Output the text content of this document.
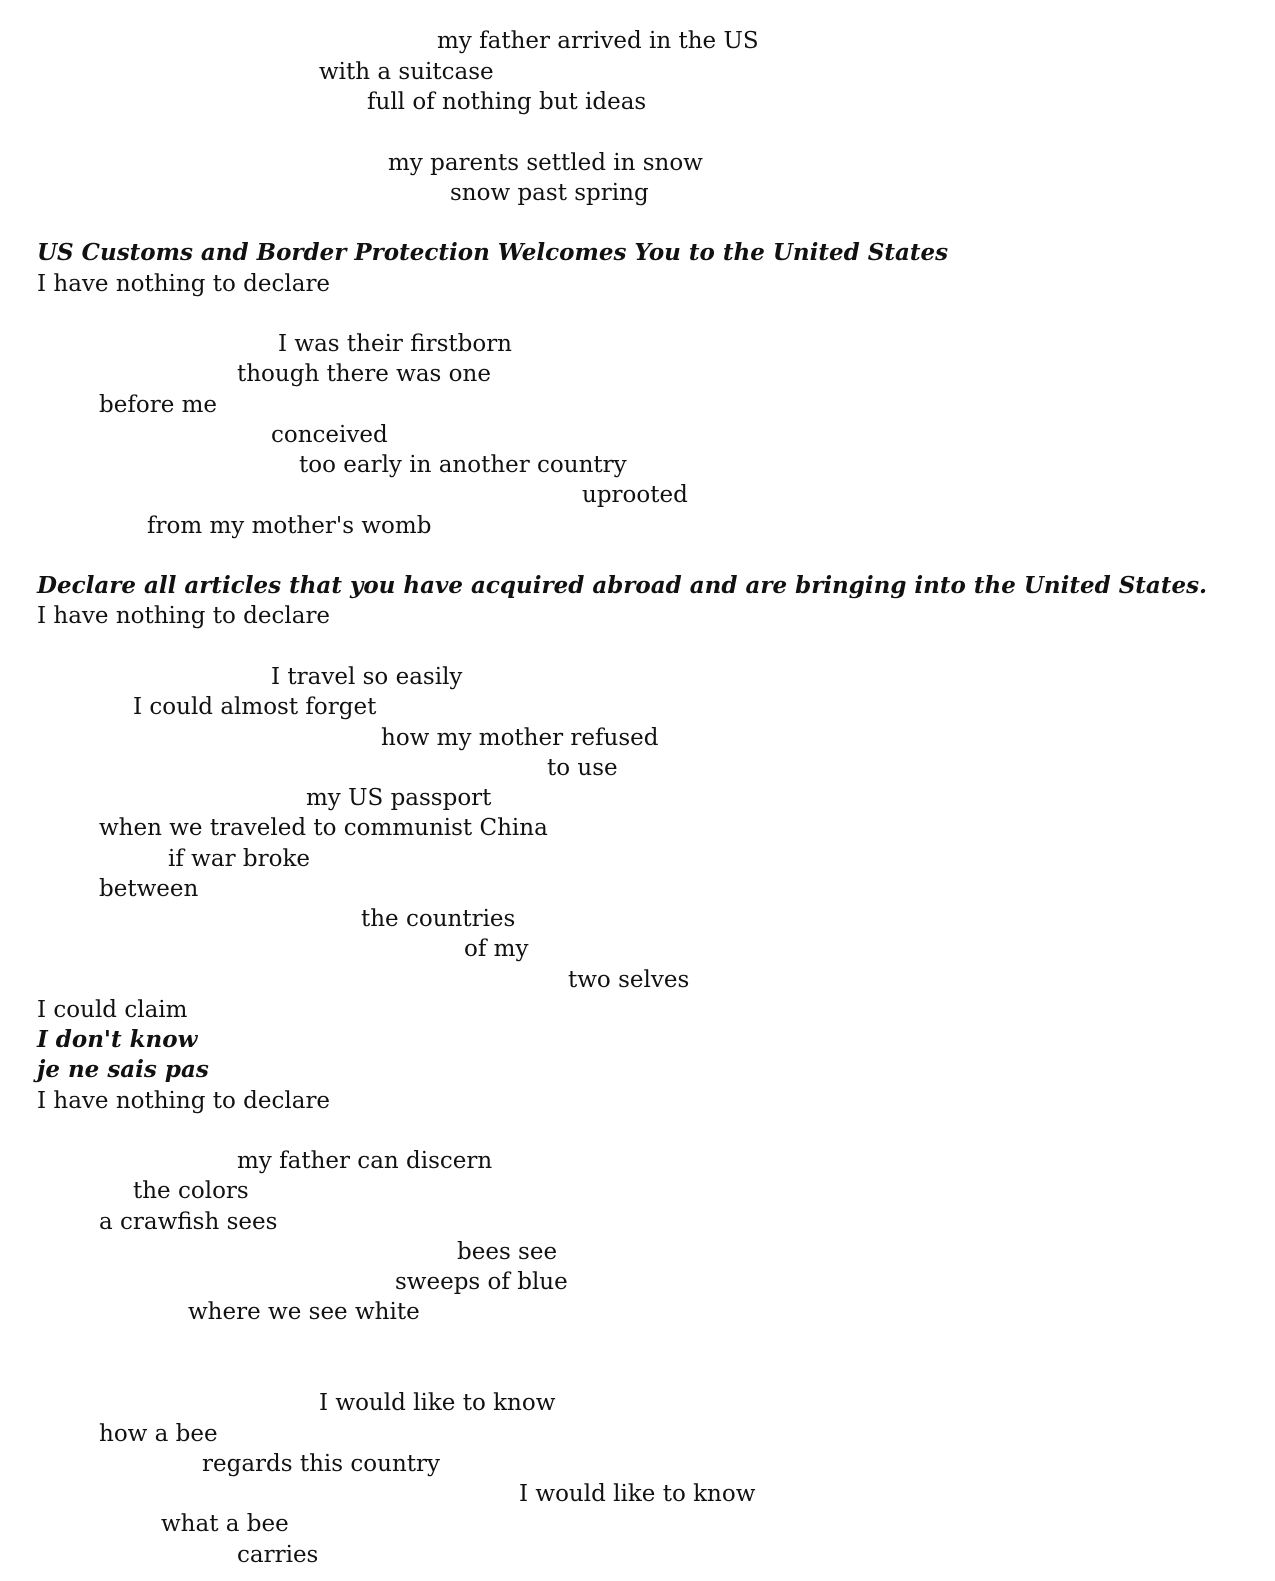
my father arrived in the US

with a suitcase

full of nothing but ideas

my parents settled in snow

snow past spring

US Customs and Border Protection Welcomes You to the United States

I have nothing to declare

I was their firstborn

though there was one

before me

conceived

too early in another country

uprooted

from my mother's womb

Declare all articles that you have acquired abroad and are bringing into the United States.

I have nothing to declare

I travel so easily

I could almost forget

how my mother refused

to use

my US passport

when we traveled to communist China

if war broke

between

the countries

of my

two selves

I could claim

I don't know

je ne sais pas

I have nothing to declare

my father can discern

the colors

a crawfish sees

bees see

sweeps of blue

where we see white

I would like to know

how a bee

regards this country

I would like to know

what a bee

carries
